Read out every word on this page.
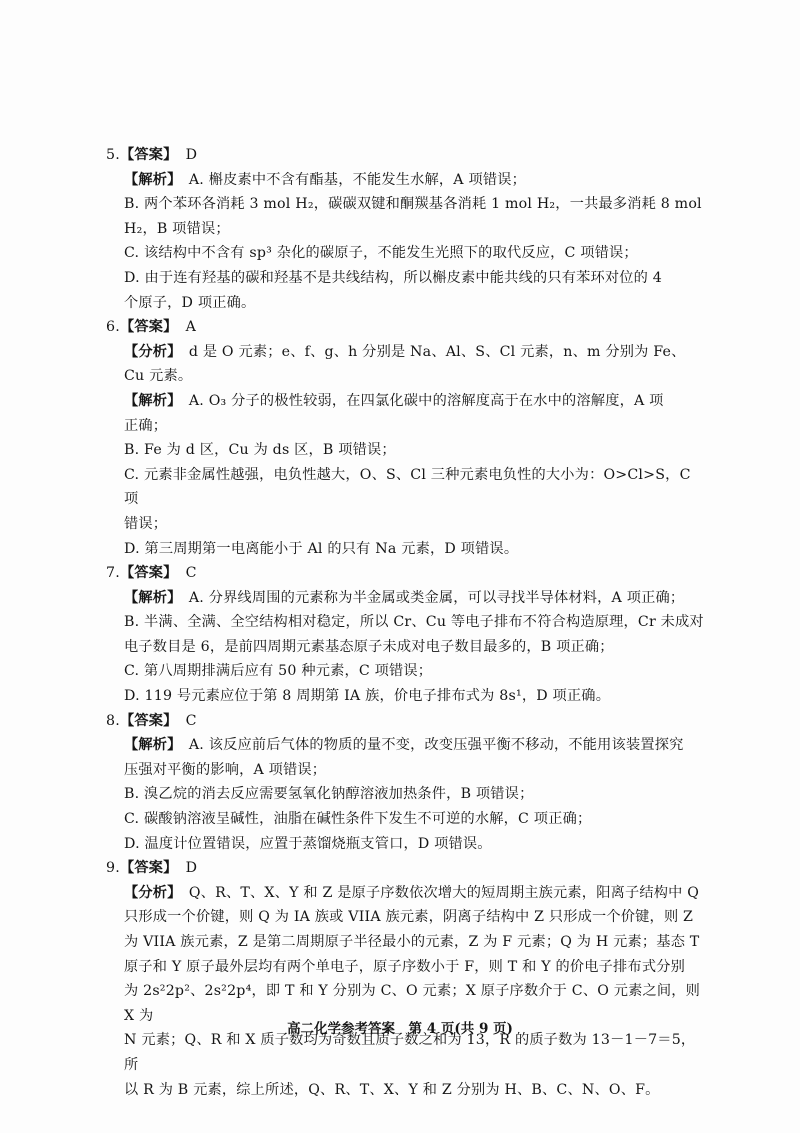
5.【答案】 D

【解析】　 A. 槲皮素中不含有酯基，不能发生水解，A 项错误；

B. 两个苯环各消耗 3 mol H₂，碳碳双键和酮羰基各消耗 1 mol H₂，一共最多消耗 8 mol

H₂，B 项错误；

C. 该结构中不含有 sp³ 杂化的碳原子，不能发生光照下的取代反应，C 项错误；

D. 由于连有羟基的碳和羟基不是共线结构，所以槲皮素中能共线的只有苯环对位的 4

个原子，D 项正确。

6.【答案】 A

【分析】　 d 是 O 元素；e、f、g、h 分别是 Na、Al、S、Cl 元素，n、m 分别为 Fe、Cu 元素。

【解析】　 A. O₃ 分子的极性较弱，在四氯化碳中的溶解度高于在水中的溶解度，A 项

正确；

B. Fe 为 d 区，Cu 为 ds 区，B 项错误；

C. 元素非金属性越强，电负性越大，O、S、Cl 三种元素电负性的大小为：O>Cl>S，C 项

错误；

D. 第三周期第一电离能小于 Al 的只有 Na 元素，D 项错误。

7.【答案】 C

【解析】　 A. 分界线周围的元素称为半金属或类金属，可以寻找半导体材料，A 项正确；

B. 半满、全满、全空结构相对稳定，所以 Cr、Cu 等电子排布不符合构造原理，Cr 未成对

电子数目是 6，是前四周期元素基态原子未成对电子数目最多的，B 项正确；

C. 第八周期排满后应有 50 种元素，C 项错误；

D. 119 号元素应位于第 8 周期第 IA 族，价电子排布式为 8s¹，D 项正确。

8.【答案】 C

【解析】　 A. 该反应前后气体的物质的量不变，改变压强平衡不移动，不能用该装置探究

压强对平衡的影响，A 项错误；

B. 溴乙烷的消去反应需要氢氧化钠醇溶液加热条件，B 项错误；

C. 碳酸钠溶液呈碱性，油脂在碱性条件下发生不可逆的水解，C 项正确；

D. 温度计位置错误，应置于蒸馏烧瓶支管口，D 项错误。

9.【答案】 D

【分析】　 Q、R、T、X、Y 和 Z 是原子序数依次增大的短周期主族元素，阳离子结构中 Q

只形成一个价键，则 Q 为 IA 族或 VIIA 族元素，阴离子结构中 Z 只形成一个价键，则 Z

为 VIIA 族元素，Z 是第二周期原子半径最小的元素，Z 为 F 元素；Q 为 H 元素；基态 T

原子和 Y 原子最外层均有两个单电子，原子序数小于 F，则 T 和 Y 的价电子排布式分别

为 2s²2p²、2s²2p⁴，即 T 和 Y 分别为 C、O 元素；X 原子序数介于 C、O 元素之间，则 X 为

N 元素；Q、R 和 X 质子数均为奇数且质子数之和为 13，R 的质子数为 13－1－7＝5，所

以 R 为 B 元素，综上所述，Q、R、T、X、Y 和 Z 分别为 H、B、C、N、O、F。

高二化学参考答案　第 4 页(共 9 页)
